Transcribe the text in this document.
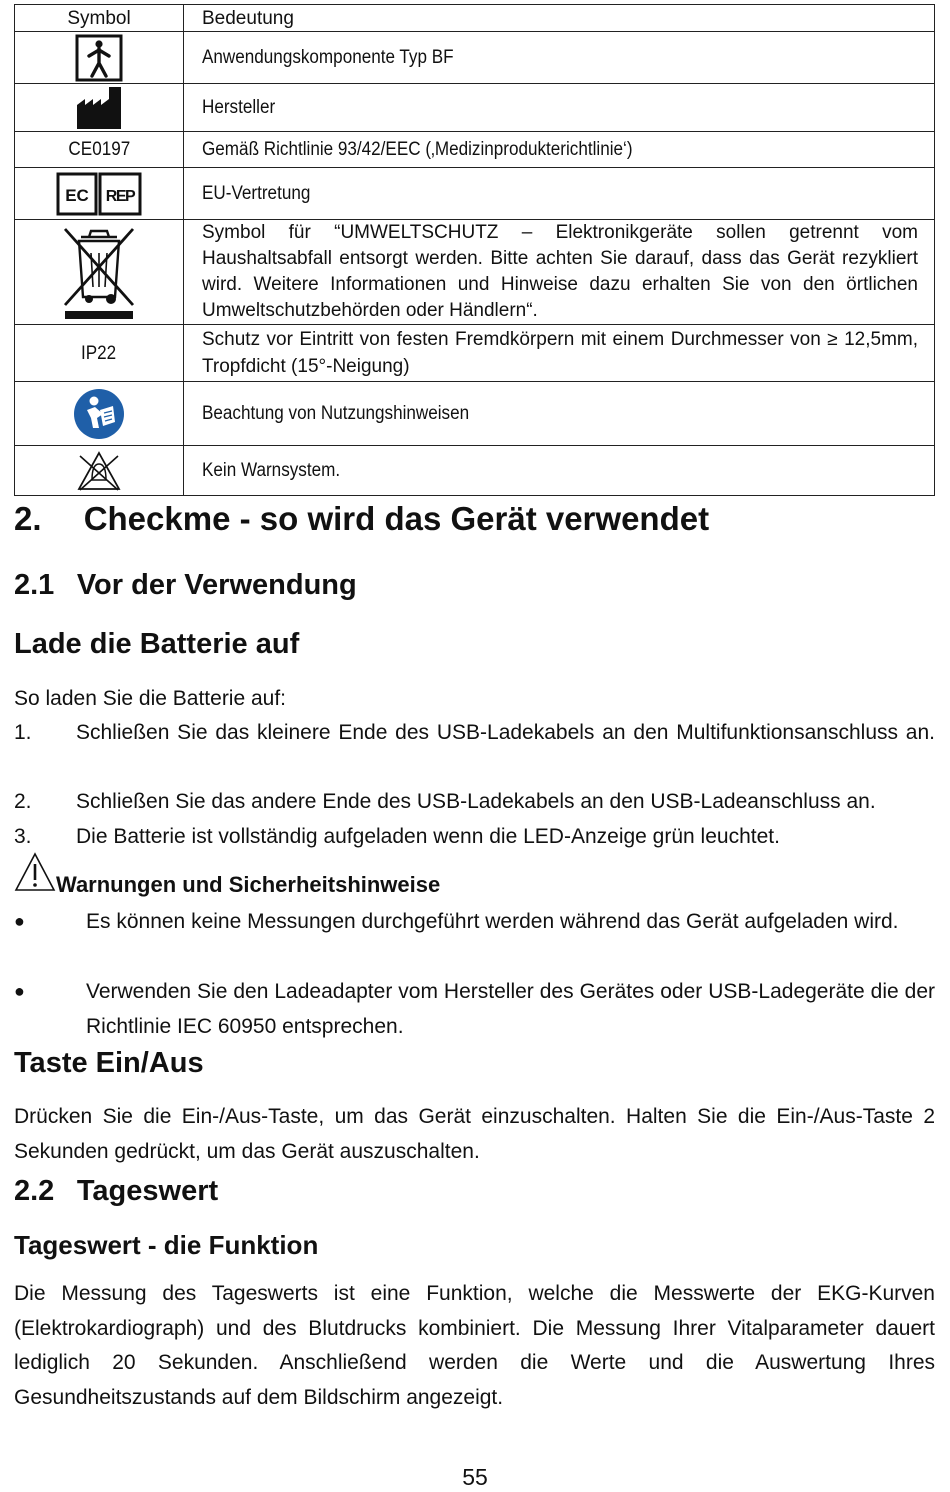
Symbol	Bedeutung
	Anwendungskomponente Typ BF
	Hersteller
CE0197	Gemäß Richtlinie 93/42/EEC (‚Medizinprodukterichtlinie‘)

EC REP	EU-Vertretung
	Symbol für “UMWELTSCHUTZ – Elektronikgeräte sollen getrennt vom Haushaltsabfall entsorgt werden. Bitte achten Sie darauf, dass das Gerät rezykliert wird. Weitere Informationen und Hinweise dazu erhalten Sie von den örtlichen Umweltschutzbehörden oder Händlern“.
IP22	Schutz vor Eintritt von festen Fremdkörpern mit einem Durchmesser von ≥ 12,5mm, Tropfdicht (15°-Neigung)
	Beachtung von Nutzungshinweisen
	Kein Warnsystem.
2.  Checkme - so wird das Gerät verwendet
2.1  Vor der Verwendung
Lade die Batterie auf
So laden Sie die Batterie auf:
1. Schließen Sie das kleinere Ende des USB-Ladekabels an den Multifunktionsanschluss an.
2. Schließen Sie das andere Ende des USB-Ladekabels an den USB-Ladeanschluss an.
3. Die Batterie ist vollständig aufgeladen wenn die LED-Anzeige grün leuchtet.
Warnungen und Sicherheitshinweise
●	Es können keine Messungen durchgeführt werden während das Gerät aufgeladen wird.
●	Verwenden Sie den Ladeadapter vom Hersteller des Gerätes oder USB-Ladegeräte die der Richtlinie IEC 60950 entsprechen.
Taste Ein/Aus
Drücken Sie die Ein-/Aus-Taste, um das Gerät einzuschalten. Halten Sie die Ein-/Aus-Taste 2 Sekunden gedrückt, um das Gerät auszuschalten.
2.2  Tageswert
Tageswert - die Funktion
Die Messung des Tageswerts ist eine Funktion, welche die Messwerte der EKG-Kurven (Elektrokardiograph) und des Blutdrucks kombiniert. Die Messung Ihrer Vitalparameter dauert lediglich 20 Sekunden. Anschließend werden die Werte und die Auswertung Ihres Gesundheitszustands auf dem Bildschirm angezeigt.
55
